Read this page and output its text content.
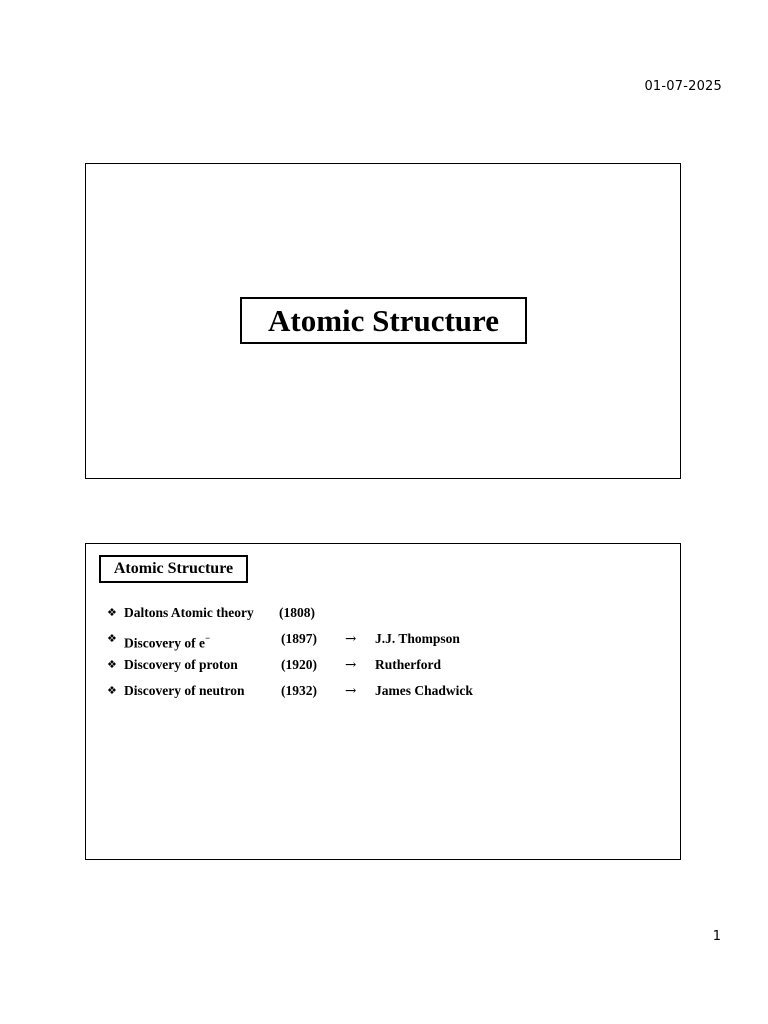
01-07-2025
Atomic Structure
Atomic Structure
❖ Daltons Atomic theory (1808)
❖ Discovery of e−	(1897) → J.J. Thompson
❖ Discovery of proton	(1920) → Rutherford
❖ Discovery of neutron	(1932) → James Chadwick
1
